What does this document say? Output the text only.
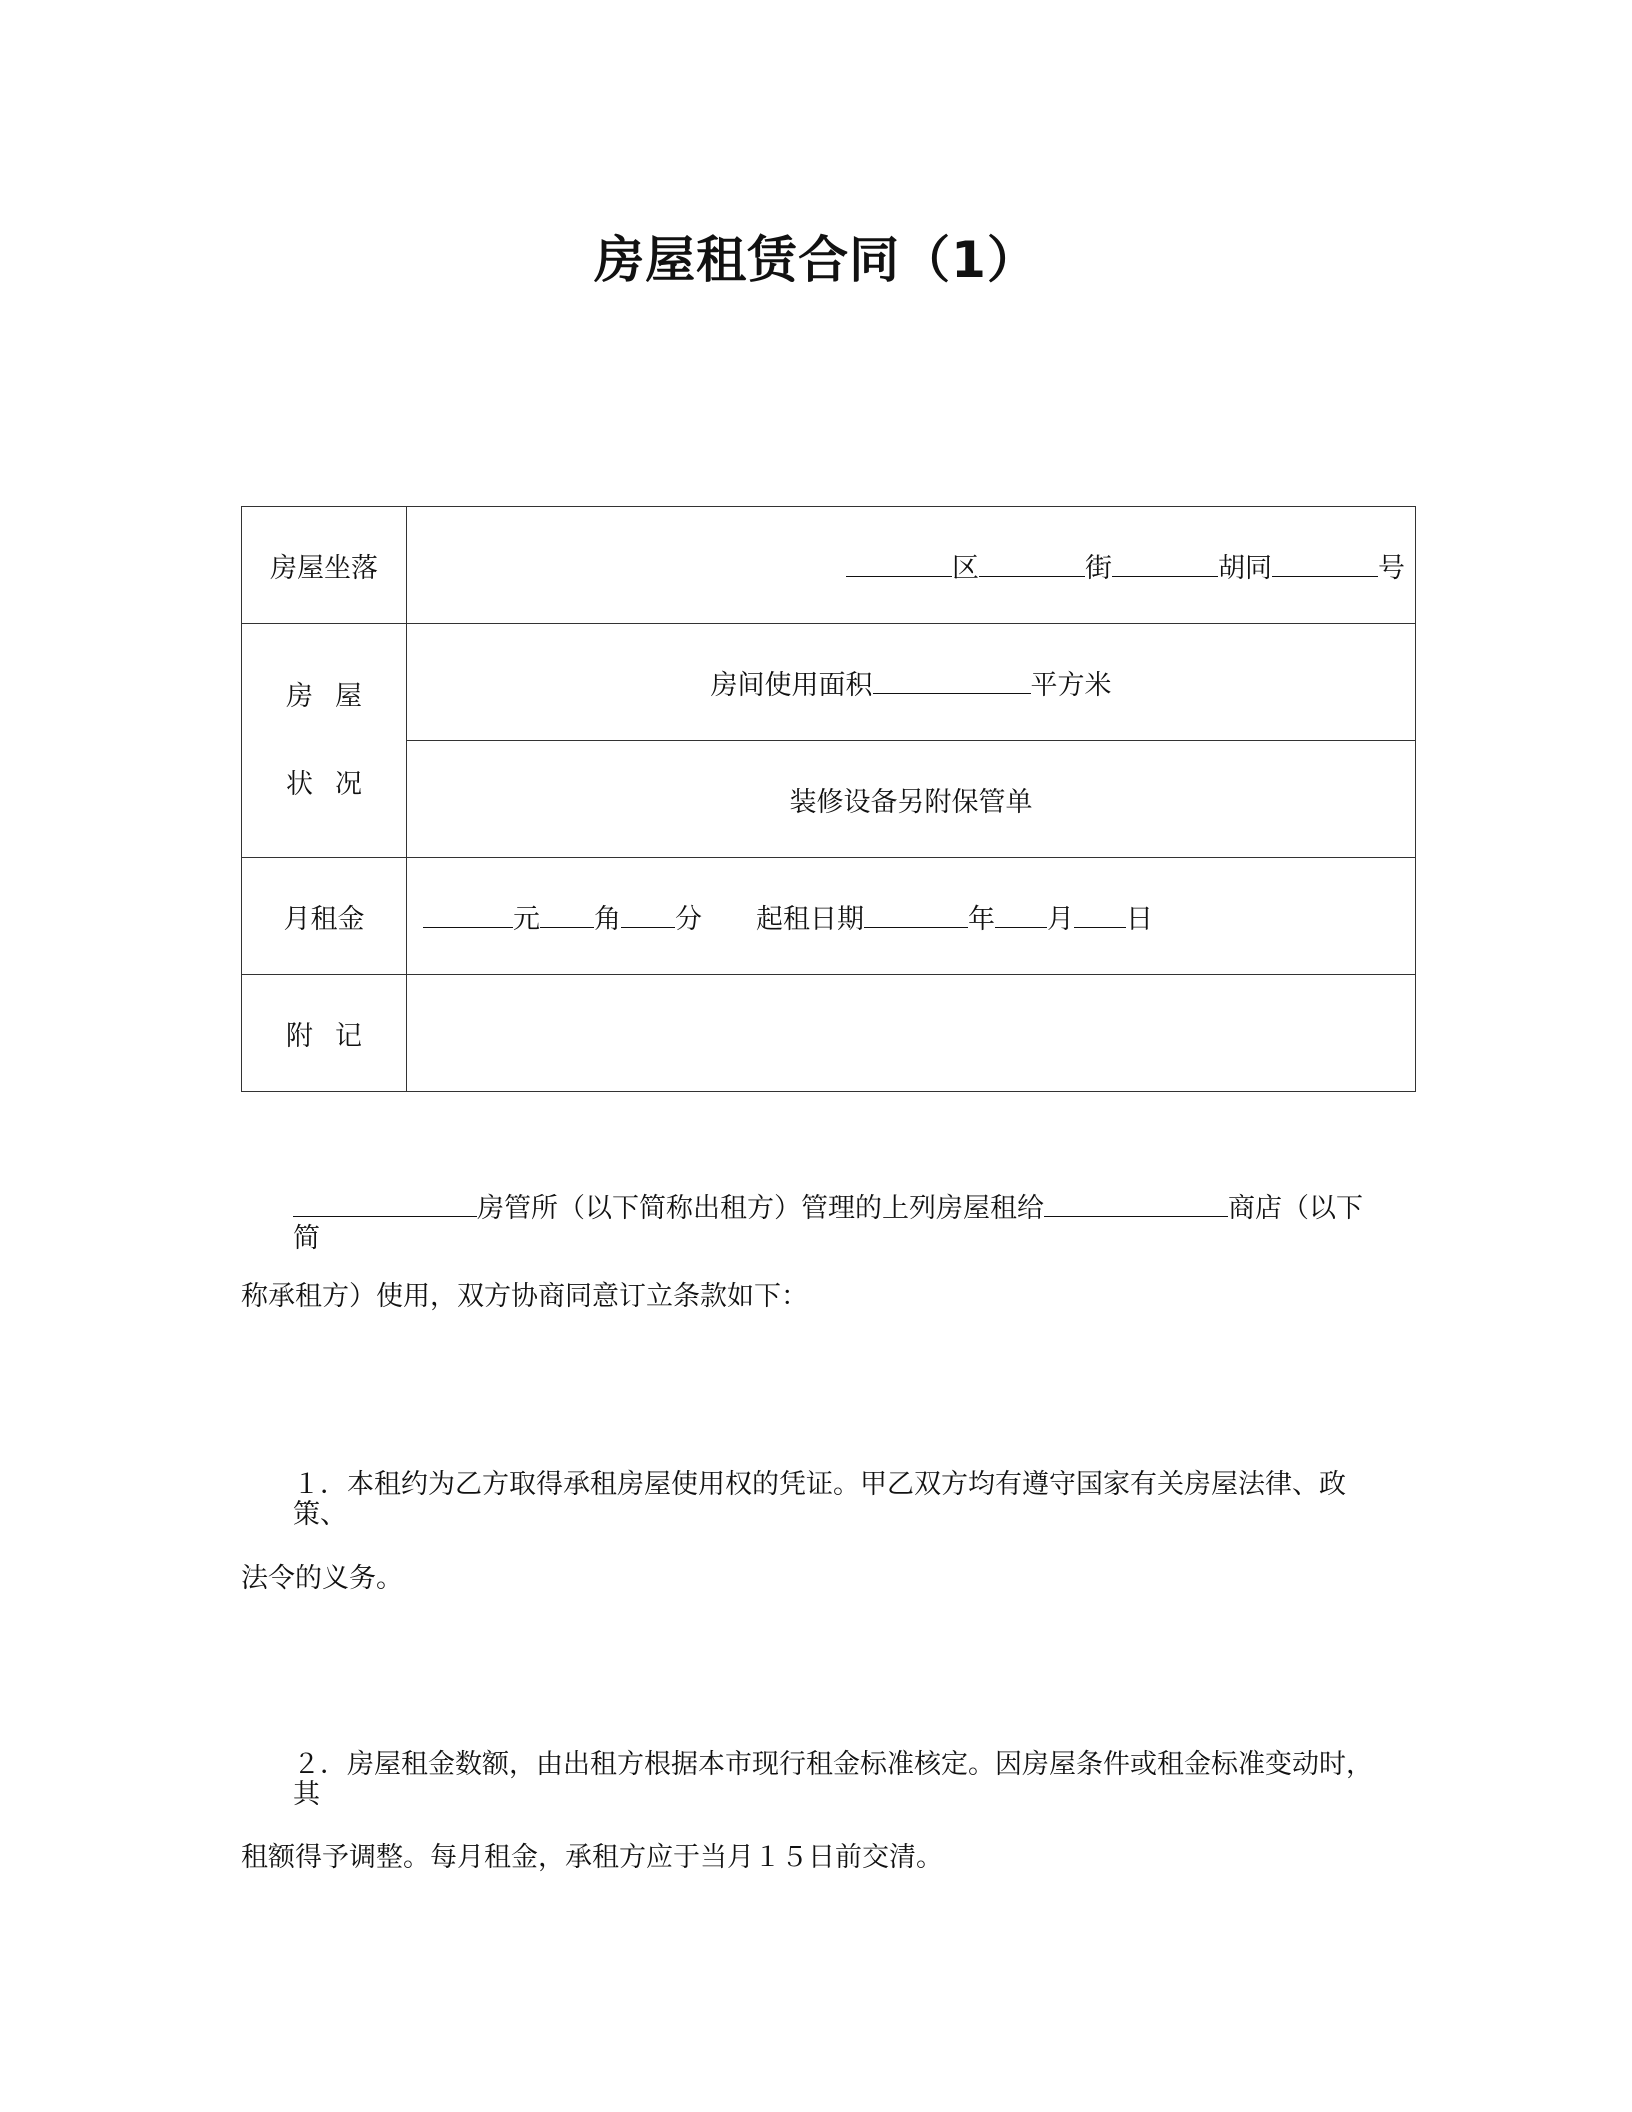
房屋租赁合同（1）
房屋坐落	区 街 胡同 号

房屋
状况	房间使用面积 平方米
	装修设备另附保管单
月租金	元 角 分 起租日期 年 月 日
附记	
房管所（以下简称出租方）管理的上列房屋租给	商店（以下简
称承租方）使用，双方协商同意订立条款如下：
１．本租约为乙方取得承租房屋使用权的凭证。甲乙双方均有遵守国家有关房屋法律、政策、
法令的义务。
２．房屋租金数额，由出租方根据本市现行租金标准核定。因房屋条件或租金标准变动时，其
租额得予调整。每月租金，承租方应于当月１５日前交清。
